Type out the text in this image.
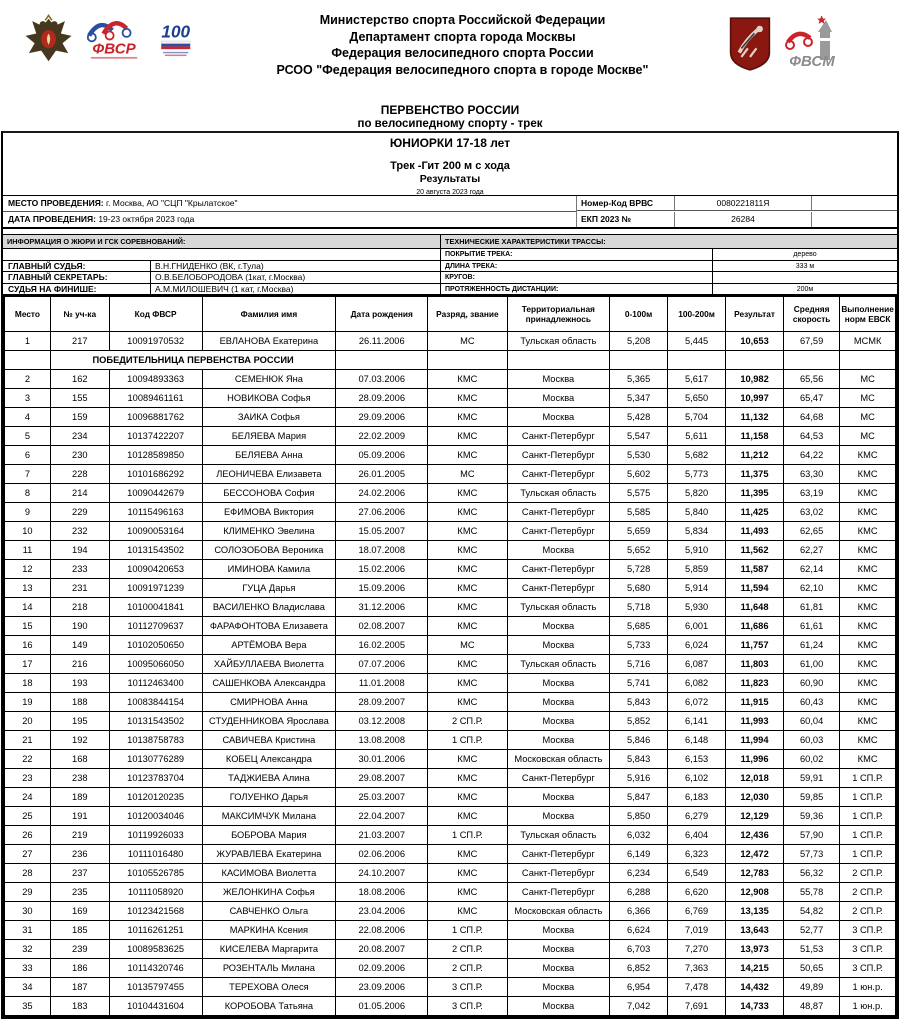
ФВСР
100
Министерство спорта Российской Федерации
Департамент спорта города Москвы
Федерация велосипедного спорта России
РСОО "Федерация велосипедного спорта в городе Москве"	ФВСМ
ПЕРВЕНСТВО РОССИИ
по велосипедному спорту - трек
ЮНИОРКИ 17-18 лет
Трек -Гит 200 м с хода
Результаты
20 августа 2023 года
МЕСТО ПРОВЕДЕНИЯ: г. Москва, АО "СЦП "Крылатское"
ДАТА ПРОВЕДЕНИЯ: 19-23 октября 2023 года
Номер-Код ВРВС	0080221811Я
ЕКП 2023 №	26284
ИНФОРМАЦИЯ О ЖЮРИ И ГСК СОРЕВНОВАНИЙ:	ТЕХНИЧЕСКИЕ ХАРАКТЕРИСТИКИ ТРАССЫ:
ПОКРЫТИЕ ТРЕКА:	дерево
ГЛАВНЫЙ СУДЬЯ:	В.Н.ГНИДЕНКО (ВК, г.Тула)	ДЛИНА ТРЕКА:	333 м
ГЛАВНЫЙ СЕКРЕТАРЬ:	О.В.БЕЛОБОРОДОВА (1кат, г.Москва)	КРУГОВ:
СУДЬЯ НА ФИНИШЕ:	А.М.МИЛОШЕВИЧ (1 кат, г.Москва)	ПРОТЯЖЕННОСТЬ ДИСТАНЦИИ:	200м
Место	№ уч-ка	Код ФВСР	Фамилия имя	Дата рождения	Разряд, звание	Территориальная принадлежнось	0-100м	100-200м	Результат	Средняя скорость	Выполнение норм ЕВСК
1	217	10091970532	ЕВЛАНОВА Екатерина	26.11.2006	МС	Тульская область	5,208	5,445	10,653	67,59	МСМК
	ПОБЕДИТЕЛЬНИЦА ПЕРВЕНСТВА РОССИИ										
2	162	10094893363	СЕМЕНЮК Яна	07.03.2006	КМС	Москва	5,365	5,617	10,982	65,56	МС
3	155	10089461161	НОВИКОВА Софья	28.09.2006	КМС	Москва	5,347	5,650	10,997	65,47	МС
4	159	10096881762	ЗАИКА Софья	29.09.2006	КМС	Москва	5,428	5,704	11,132	64,68	МС
5	234	10137422207	БЕЛЯЕВА Мария	22.02.2009	КМС	Санкт-Петербург	5,547	5,611	11,158	64,53	МС
6	230	10128589850	БЕЛЯЕВА Анна	05.09.2006	КМС	Санкт-Петербург	5,530	5,682	11,212	64,22	КМС
7	228	10101686292	ЛЕОНИЧЕВА Елизавета	26.01.2005	МС	Санкт-Петербург	5,602	5,773	11,375	63,30	КМС
8	214	10090442679	БЕССОНОВА София	24.02.2006	КМС	Тульская область	5,575	5,820	11,395	63,19	КМС
9	229	10115496163	ЕФИМОВА Виктория	27.06.2006	КМС	Санкт-Петербург	5,585	5,840	11,425	63,02	КМС
10	232	10090053164	КЛИМЕНКО Эвелина	15.05.2007	КМС	Санкт-Петербург	5,659	5,834	11,493	62,65	КМС
11	194	10131543502	СОЛОЗОБОВА Вероника	18.07.2008	КМС	Москва	5,652	5,910	11,562	62,27	КМС
12	233	10090420653	ИМИНОВА Камила	15.02.2006	КМС	Санкт-Петербург	5,728	5,859	11,587	62,14	КМС
13	231	10091971239	ГУЦА Дарья	15.09.2006	КМС	Санкт-Петербург	5,680	5,914	11,594	62,10	КМС
14	218	10100041841	ВАСИЛЕНКО Владислава	31.12.2006	КМС	Тульская область	5,718	5,930	11,648	61,81	КМС
15	190	10112709637	ФАРАФОНТОВА Елизавета	02.08.2007	КМС	Москва	5,685	6,001	11,686	61,61	КМС
16	149	10102050650	АРТЁМОВА Вера	16.02.2005	МС	Москва	5,733	6,024	11,757	61,24	КМС
17	216	10095066050	ХАЙБУЛЛАЕВА Виолетта	07.07.2006	КМС	Тульская область	5,716	6,087	11,803	61,00	КМС
18	193	10112463400	САШЕНКОВА Александра	11.01.2008	КМС	Москва	5,741	6,082	11,823	60,90	КМС
19	188	10083844154	СМИРНОВА Анна	28.09.2007	КМС	Москва	5,843	6,072	11,915	60,43	КМС
20	195	10131543502	СТУДЕННИКОВА Ярослава	03.12.2008	2 СП.Р.	Москва	5,852	6,141	11,993	60,04	КМС
21	192	10138758783	САВИЧЕВА Кристина	13.08.2008	1 СП.Р.	Москва	5,846	6,148	11,994	60,03	КМС
22	168	10130776289	КОБЕЦ Александра	30.01.2006	КМС	Московская область	5,843	6,153	11,996	60,02	КМС
23	238	10123783704	ТАДЖИЕВА Алина	29.08.2007	КМС	Санкт-Петербург	5,916	6,102	12,018	59,91	1 СП.Р.
24	189	10120120235	ГОЛУЕНКО Дарья	25.03.2007	КМС	Москва	5,847	6,183	12,030	59,85	1 СП.Р.
25	191	10120034046	МАКСИМЧУК Милана	22.04.2007	КМС	Москва	5,850	6,279	12,129	59,36	1 СП.Р.
26	219	10119926033	БОБРОВА Мария	21.03.2007	1 СП.Р.	Тульская область	6,032	6,404	12,436	57,90	1 СП.Р.
27	236	10111016480	ЖУРАВЛЕВА Екатерина	02.06.2006	КМС	Санкт-Петербург	6,149	6,323	12,472	57,73	1 СП.Р.
28	237	10105526785	КАСИМОВА Виолетта	24.10.2007	КМС	Санкт-Петербург	6,234	6,549	12,783	56,32	2 СП.Р.
29	235	10111058920	ЖЕЛОНКИНА Софья	18.08.2006	КМС	Санкт-Петербург	6,288	6,620	12,908	55,78	2 СП.Р.
30	169	10123421568	САВЧЕНКО Ольга	23.04.2006	КМС	Московская область	6,366	6,769	13,135	54,82	2 СП.Р.
31	185	10116261251	МАРКИНА Ксения	22.08.2006	1 СП.Р.	Москва	6,624	7,019	13,643	52,77	3 СП.Р.
32	239	10089583625	КИСЕЛЕВА Маргарита	20.08.2007	2 СП.Р.	Москва	6,703	7,270	13,973	51,53	3 СП.Р.
33	186	10114320746	РОЗЕНТАЛЬ Милана	02.09.2006	2 СП.Р.	Москва	6,852	7,363	14,215	50,65	3 СП.Р.
34	187	10135797455	ТЕРЕХОВА Олеся	23.09.2006	3 СП.Р.	Москва	6,954	7,478	14,432	49,89	1 юн.р.
35	183	10104431604	КОРОБОВА Татьяна	01.05.2006	3 СП.Р.	Москва	7,042	7,691	14,733	48,87	1 юн.р.
